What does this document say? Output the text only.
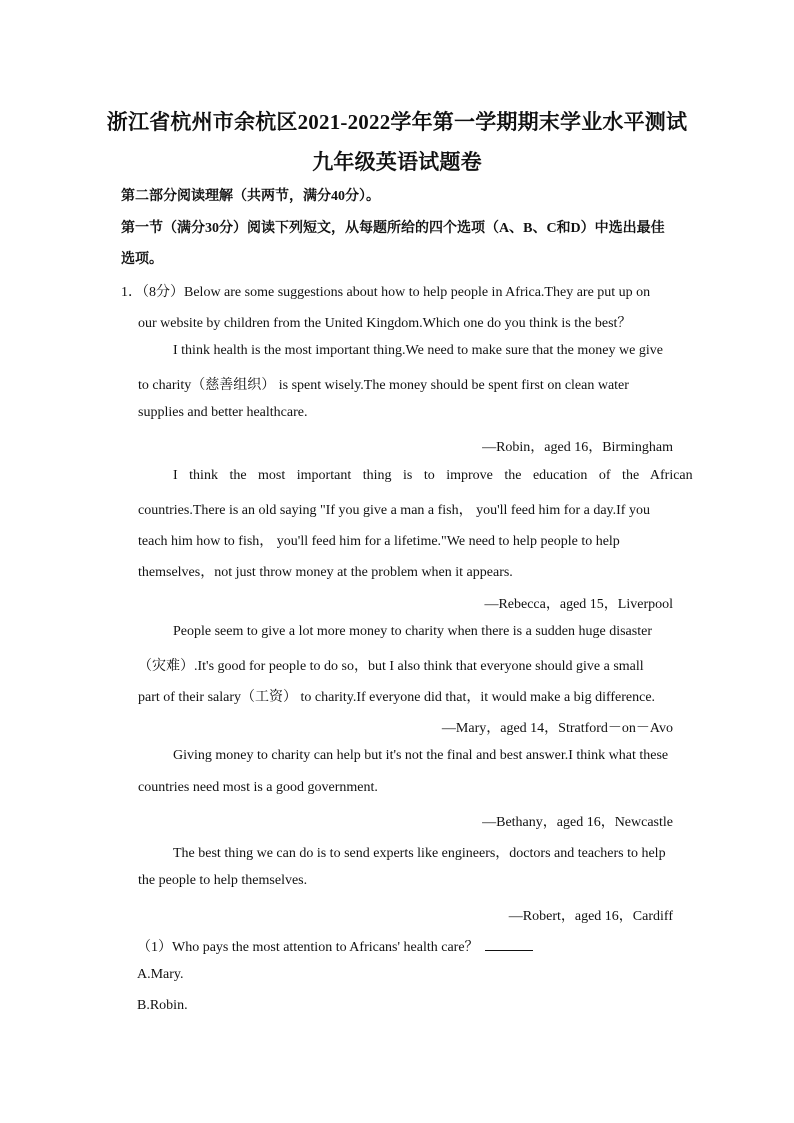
浙江省杭州市余杭区2021-2022学年第一学期期末学业水平测试
九年级英语试题卷
第二部分阅读理解（共两节，满分40分）。
第一节（满分30分）阅读下列短文，从每题所给的四个选项（A、B、C和D）中选出最佳
选项。
1．（8分）Below are some suggestions about how to help people in Africa.They are put up on
our website by children from the United Kingdom.Which one do you think is the best？
I think health is the most important thing.We need to make sure that the money we give
to charity（慈善组织） is spent wisely.The money should be spent first on clean water
supplies and better healthcare.
—Robin，aged 16，Birmingham
I think the most important thing is to improve the education of the African
countries.There is an old saying "If you give a man a fish， you'll feed him for a day.If you
teach him how to fish， you'll feed him for a lifetime."We need to help people to help
themselves，not just throw money at the problem when it appears.
—Rebecca，aged 15，Liverpool
People seem to give a lot more money to charity when there is a sudden huge disaster
（灾难）.It's good for people to do so，but I also think that everyone should give a small
part of their salary（工资） to charity.If everyone did that，it would make a big difference.
—Mary，aged 14，Stratford－on－Avo
Giving money to charity can help but it's not the final and best answer.I think what these
countries need most is a good government.
—Bethany，aged 16，Newcastle
The best thing we can do is to send experts like engineers，doctors and teachers to help
the people to help themselves.
—Robert，aged 16，Cardiff
（1）Who pays the most attention to Africans' health care？
A.Mary.
B.Robin.
